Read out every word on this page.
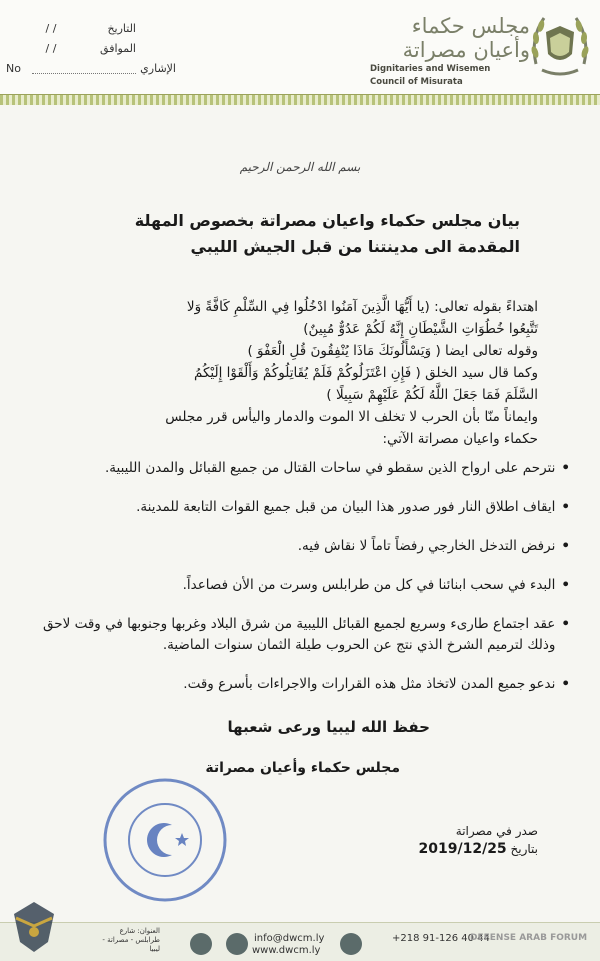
/ /	التاريخ
/ /	الموافق
No	الإشاري
مجلس حكماء
وأعيان مصراتة
Dignitaries and Wisemen
Council of Misurata
بسم الله الرحمن الرحيم
بيان مجلس حكماء واعيان مصراتة بخصوص المهلة
المقدمة الى مدينتنا من قبل الجيش الليبي

اهتداءً بقوله تعالى: (يا أَيُّهَا الَّذِينَ آمَنُوا ادْخُلُوا فِي السِّلْمِ كَافَّةً وَلا

تَتَّبِعُوا خُطُوَاتِ الشَّيْطَانِ إِنَّهُ لَكُمْ عَدُوٌّ مُبِينٌ)

وقوله تعالى ايضا ( وَيَسْأَلُونَكَ مَاذَا يُنْفِقُونَ قُلِ الْعَفْوَ )

وكما قال سيد الخلق ( فَإِنِ اعْتَزَلُوكُمْ فَلَمْ يُقَاتِلُوكُمْ وَأَلْقَوْا إِلَيْكُمُ

السَّلَمَ فَمَا جَعَلَ اللَّهُ لَكُمْ عَلَيْهِمْ سَبِيلًا )

وايماناً منّا بأن الحرب لا تخلف الا الموت والدمار واليأس قرر مجلس

حكماء واعيان مصراتة الآتي:

•
نترحم على ارواح الذين سقطو في ساحات القتال من جميع القبائل والمدن الليبية.
•
ايقاف اطلاق النار فور صدور هذا البيان من قبل جميع القوات التابعة للمدينة.
•
نرفض التدخل الخارجي رفضاً تاماً لا نقاش فيه.
•
البدء في سحب ابنائنا في كل من طرابلس وسرت من الأن فصاعداً.
•
عقد اجتماع طارىء وسريع لجميع القبائل الليبية من شرق البلاد وغربها وجنوبها في وقت لاحق وذلك لترميم الشرخ الذي نتج عن الحروب طيلة الثمان سنوات الماضية.
•
ندعو جميع المدن لاتخاذ مثل هذه القرارات والاجراءات بأسرع وقت.
حفظ الله ليبيا ورعى شعبها
مجلس حكماء وأعيان مصراتة
صدر في مصراتة
بتاريخ 2019/12/25
العنوان: شارع طرابلس - مصراتة - ليبيا
info@dwcm.ly
www.dwcm.ly
+218 91-126 40 44
DEFENSE ARAB FORUM
